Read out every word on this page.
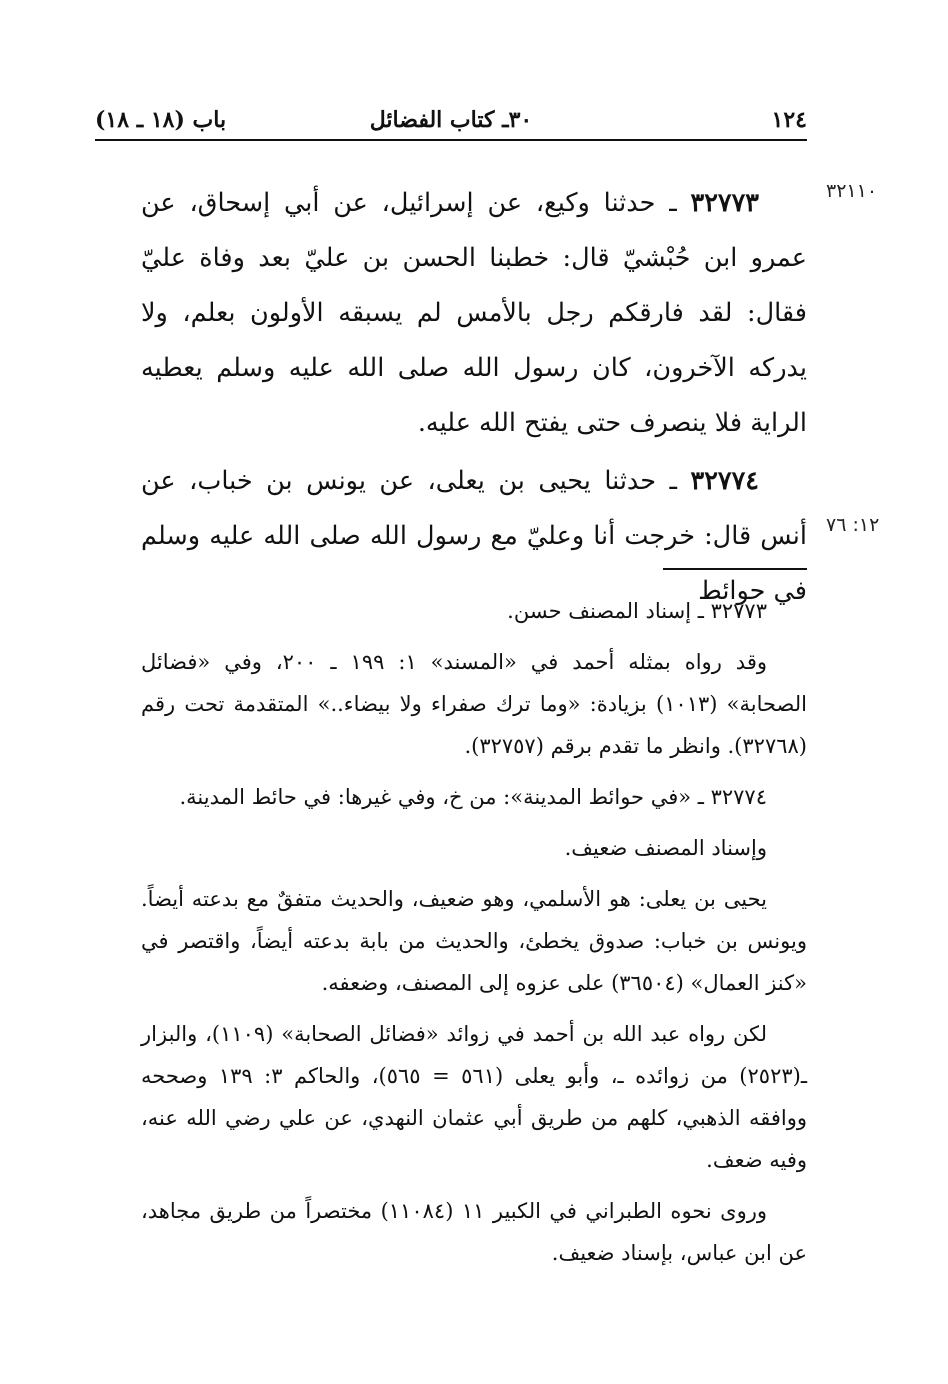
١٢٤
٣٠ـ كتاب الفضائل
باب (١٨ ـ ١٨)
٣٢١١٠
١٢: ٧٦

٣٢٧٧٣ ـ حدثنا وكيع، عن إسرائيل، عن أبي إسحاق، عن عمرو ابن حُبْشيّ قال: خطبنا الحسن بن عليّ بعد وفاة عليّ فقال: لقد فارقكم رجل بالأمس لم يسبقه الأولون بعلم، ولا يدركه الآخرون، كان رسول الله صلى الله عليه وسلم يعطيه الراية فلا ينصرف حتى يفتح الله عليه.

٣٢٧٧٤ ـ حدثنا يحيى بن يعلى، عن يونس بن خباب، عن أنس قال: خرجت أنا وعليّ مع رسول الله صلى الله عليه وسلم في حوائط

٣٢٧٧٣ ـ إسناد المصنف حسن.

وقد رواه بمثله أحمد في «المسند» ١: ١٩٩ ـ ٢٠٠، وفي «فضائل الصحابة» (١٠١٣) بزيادة: «وما ترك صفراء ولا بيضاء..» المتقدمة تحت رقم (٣٢٧٦٨). وانظر ما تقدم برقم (٣٢٧٥٧).

٣٢٧٧٤ ـ «في حوائط المدينة»: من خ، وفي غيرها: في حائط المدينة.

وإسناد المصنف ضعيف.

يحيى بن يعلى: هو الأسلمي، وهو ضعيف، والحديث متفقٌ مع بدعته أيضاً. ويونس بن خباب: صدوق يخطئ، والحديث من بابة بدعته أيضاً، واقتصر في «كنز العمال» (٣٦٥٠٤) على عزوه إلى المصنف، وضعفه.

لكن رواه عبد الله بن أحمد في زوائد «فضائل الصحابة» (١١٠٩)، والبزار ـ(٢٥٢٣) من زوائده ـ، وأبو يعلى (٥٦١ = ٥٦٥)، والحاكم ٣: ١٣٩ وصححه ووافقه الذهبي، كلهم من طريق أبي عثمان النهدي، عن علي رضي الله عنه، وفيه ضعف.

وروى نحوه الطبراني في الكبير ١١ (١١٠٨٤) مختصراً من طريق مجاهد، عن ابن عباس، بإسناد ضعيف.
